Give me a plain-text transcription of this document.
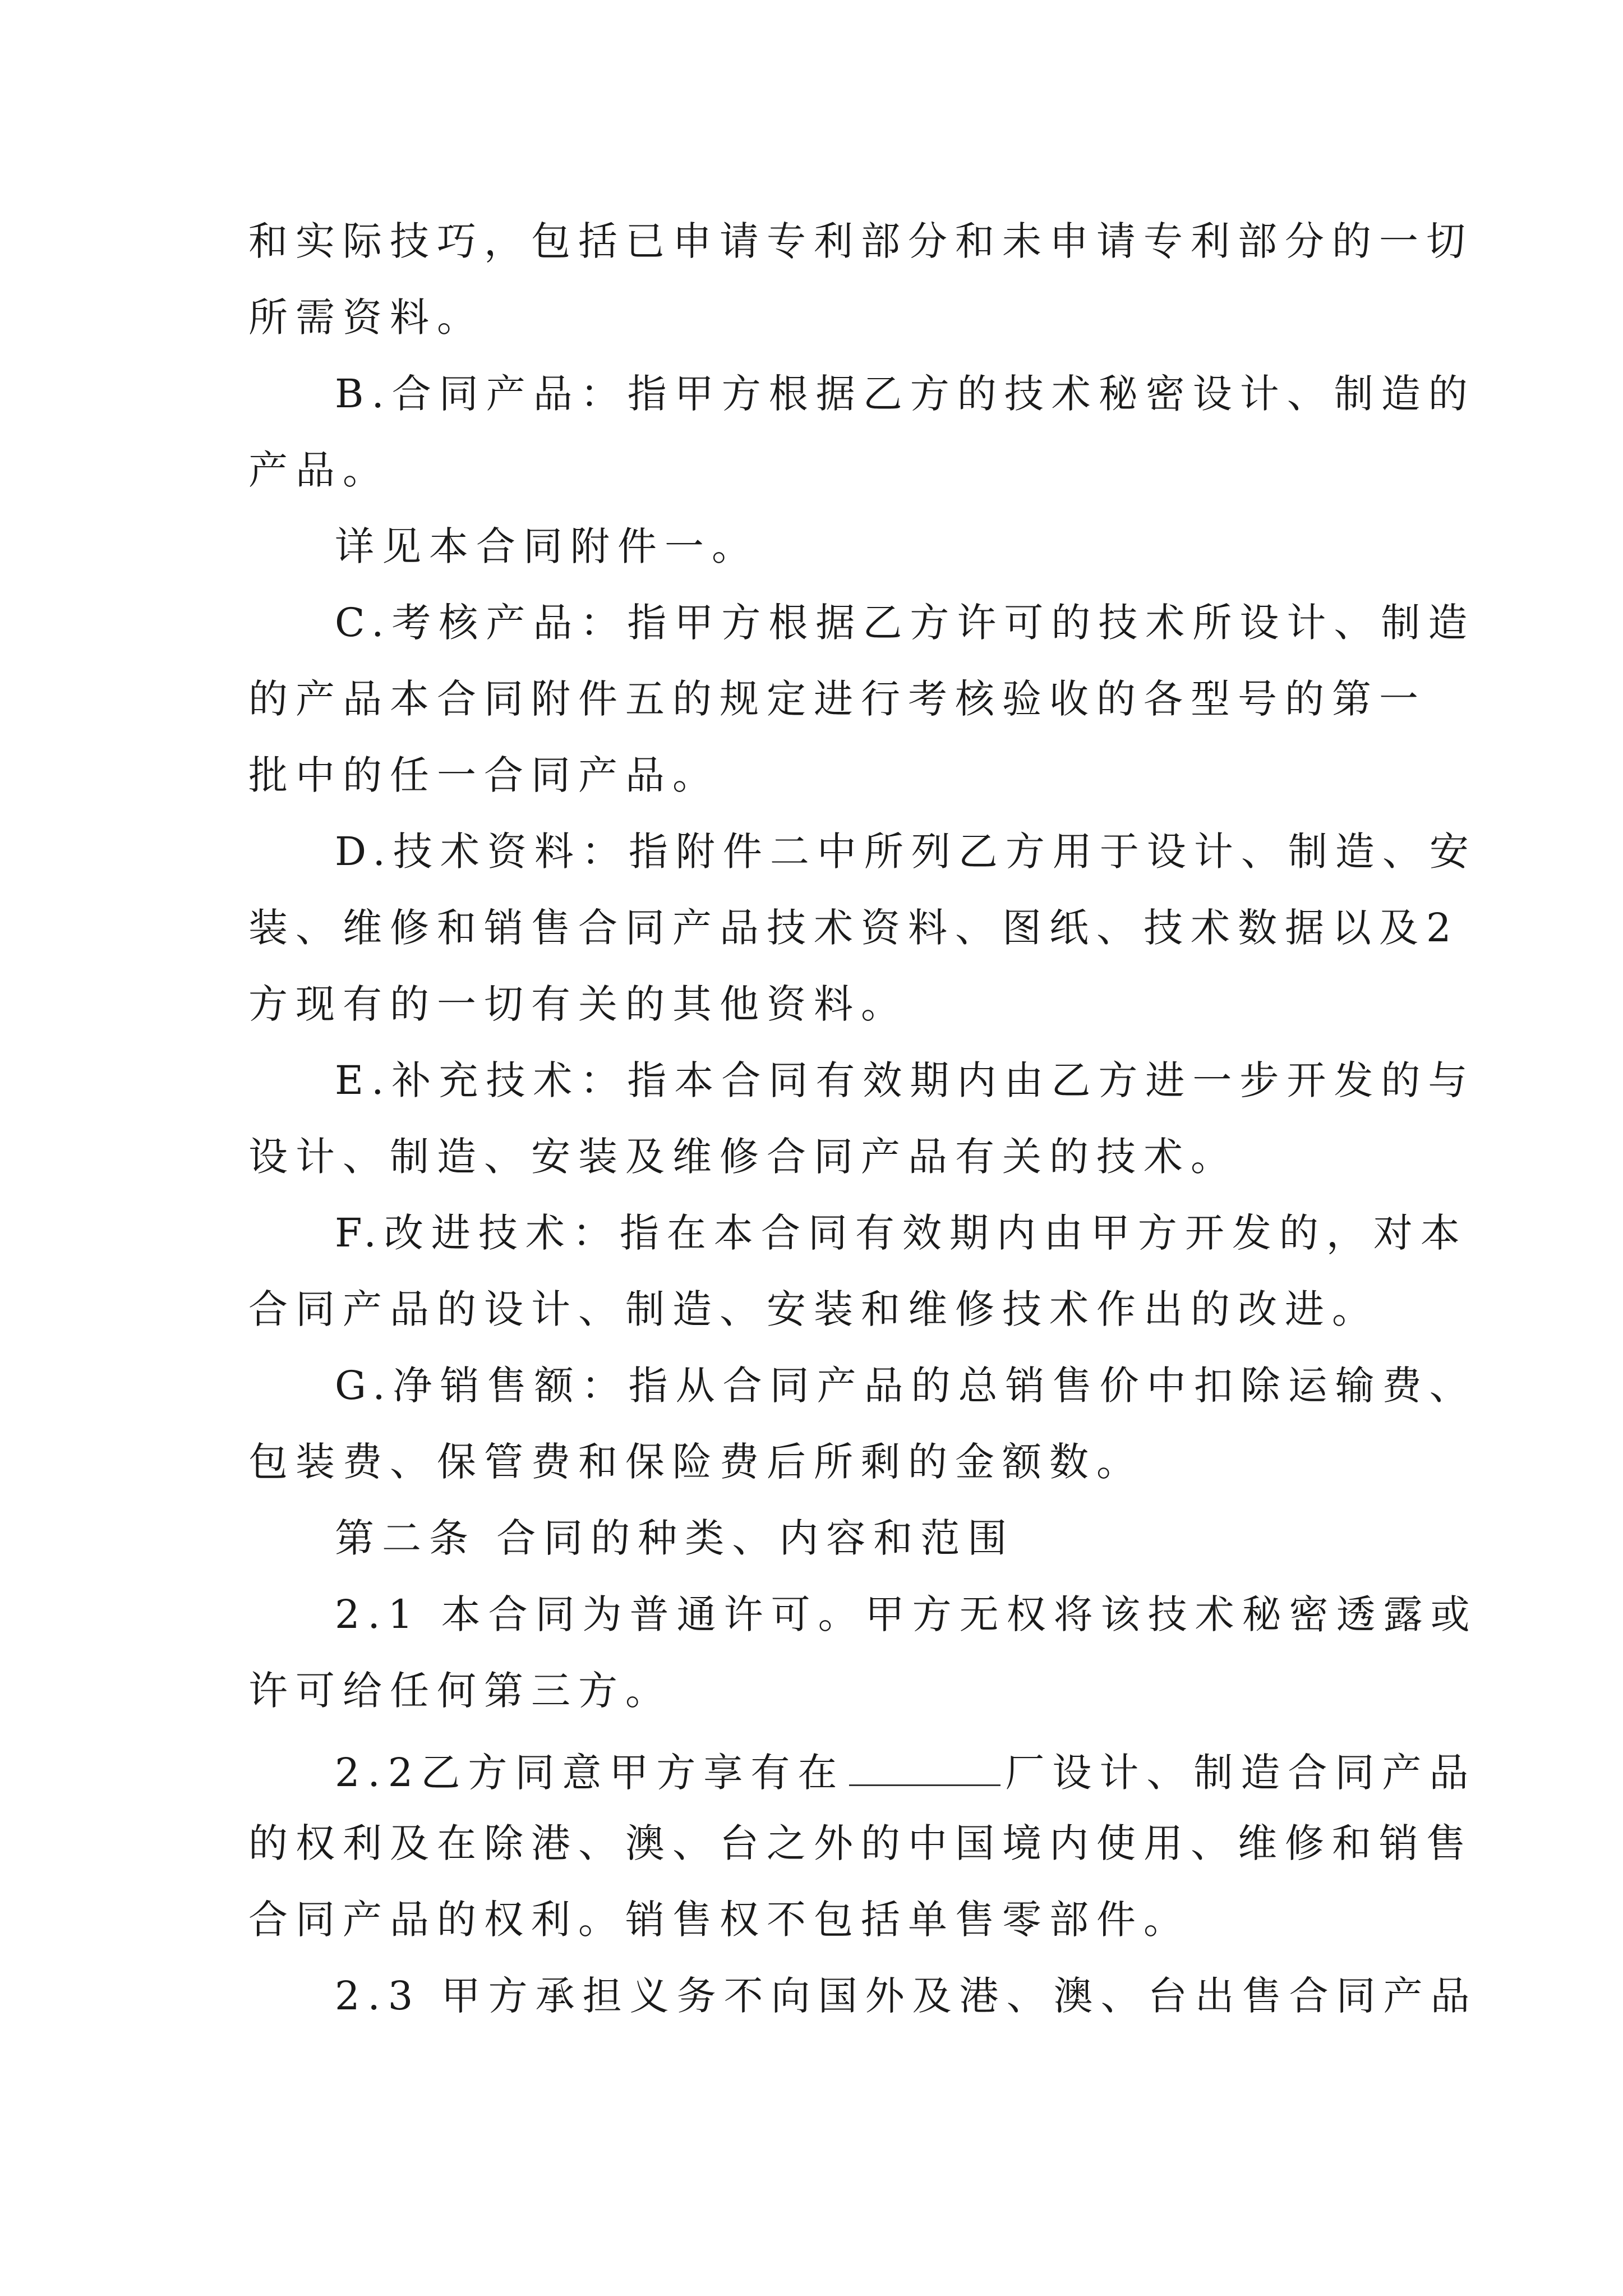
和实际技巧，包括已申请专利部分和未申请专利部分的一切

所需资料。

B.合同产品：指甲方根据乙方的技术秘密设计、制造的

产品。

详见本合同附件一。

C.考核产品：指甲方根据乙方许可的技术所设计、制造

的产品本合同附件五的规定进行考核验收的各型号的第一

批中的任一合同产品。

D.技术资料：指附件二中所列乙方用于设计、制造、安

装、维修和销售合同产品技术资料、图纸、技术数据以及2

方现有的一切有关的其他资料。

E.补充技术：指本合同有效期内由乙方进一步开发的与

设计、制造、安装及维修合同产品有关的技术。

F.改进技术：指在本合同有效期内由甲方开发的，对本

合同产品的设计、制造、安装和维修技术作出的改进。

G.净销售额：指从合同产品的总销售价中扣除运输费、

包装费、保管费和保险费后所剩的金额数。

第二条 合同的种类、内容和范围

2.1 本合同为普通许可。甲方无权将该技术秘密透露或

许可给任何第三方。

2.2乙方同意甲方享有在	厂设计、制造合同产品

的权利及在除港、澳、台之外的中国境内使用、维修和销售

合同产品的权利。销售权不包括单售零部件。

2.3 甲方承担义务不向国外及港、澳、台出售合同产品
